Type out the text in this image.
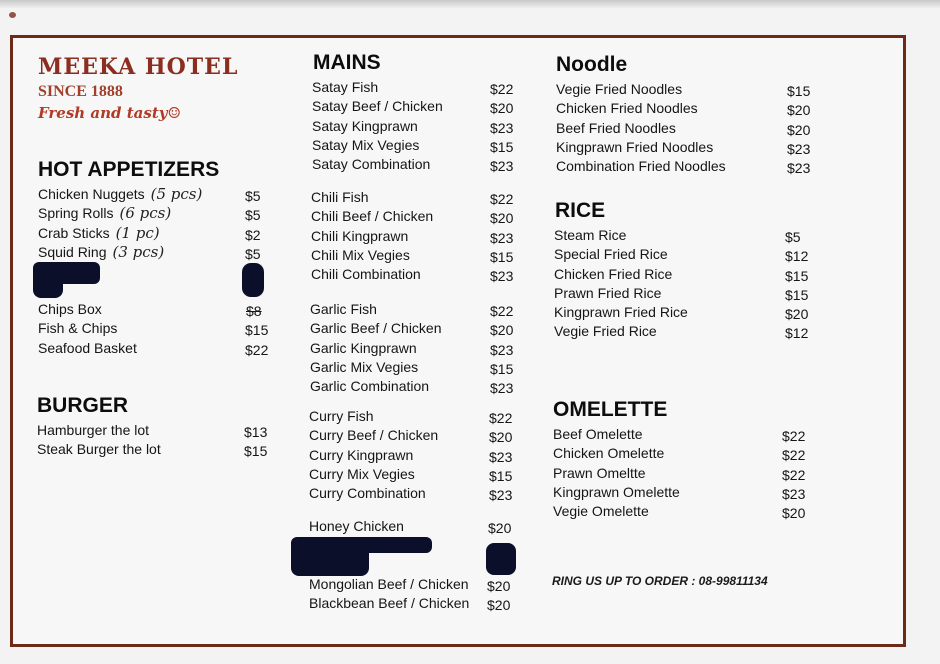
MEEKA HOTEL
SINCE 1888
Fresh and tasty☺
HOT APPETIZERS
Chicken Nuggets (5 pcs)	$5
Spring Rolls (6 pcs)	$5
Crab Sticks (1 pc)	$2
Squid Ring (3 pcs)	$5
Chips Box	$8
Fish & Chips	$15
Seafood Basket	$22
BURGER
Hamburger the lot	$13
Steak Burger the lot	$15
MAINS
Satay Fish	$22
Satay Beef / Chicken	$20
Satay Kingprawn	$23
Satay Mix Vegies	$15
Satay Combination	$23
Chili Fish	$22
Chili Beef / Chicken	$20
Chili Kingprawn	$23
Chili Mix Vegies	$15
Chili Combination	$23
Garlic Fish	$22
Garlic Beef / Chicken	$20
Garlic Kingprawn	$23
Garlic Mix Vegies	$15
Garlic Combination	$23
Curry Fish	$22
Curry Beef / Chicken	$20
Curry Kingprawn	$23
Curry Mix Vegies	$15
Curry Combination	$23
Honey Chicken	$20
Mongolian Beef / Chicken $20
Blackbean Beef / Chicken $20
Noodle
Vegie Fried Noodles	$15
Chicken Fried Noodles	$20
Beef Fried Noodles	$20
Kingprawn Fried Noodles	$23
Combination Fried Noodles	$23
RICE
Steam Rice	$5
Special Fried Rice	$12
Chicken Fried Rice	$15
Prawn Fried Rice	$15
Kingprawn Fried Rice	$20
Vegie Fried Rice	$12
OMELETTE
Beef Omelette	$22
Chicken Omelette	$22
Prawn Omeltte	$22
Kingprawn Omelette	$23
Vegie Omelette	$20
RING US UP TO ORDER : 08-99811134
